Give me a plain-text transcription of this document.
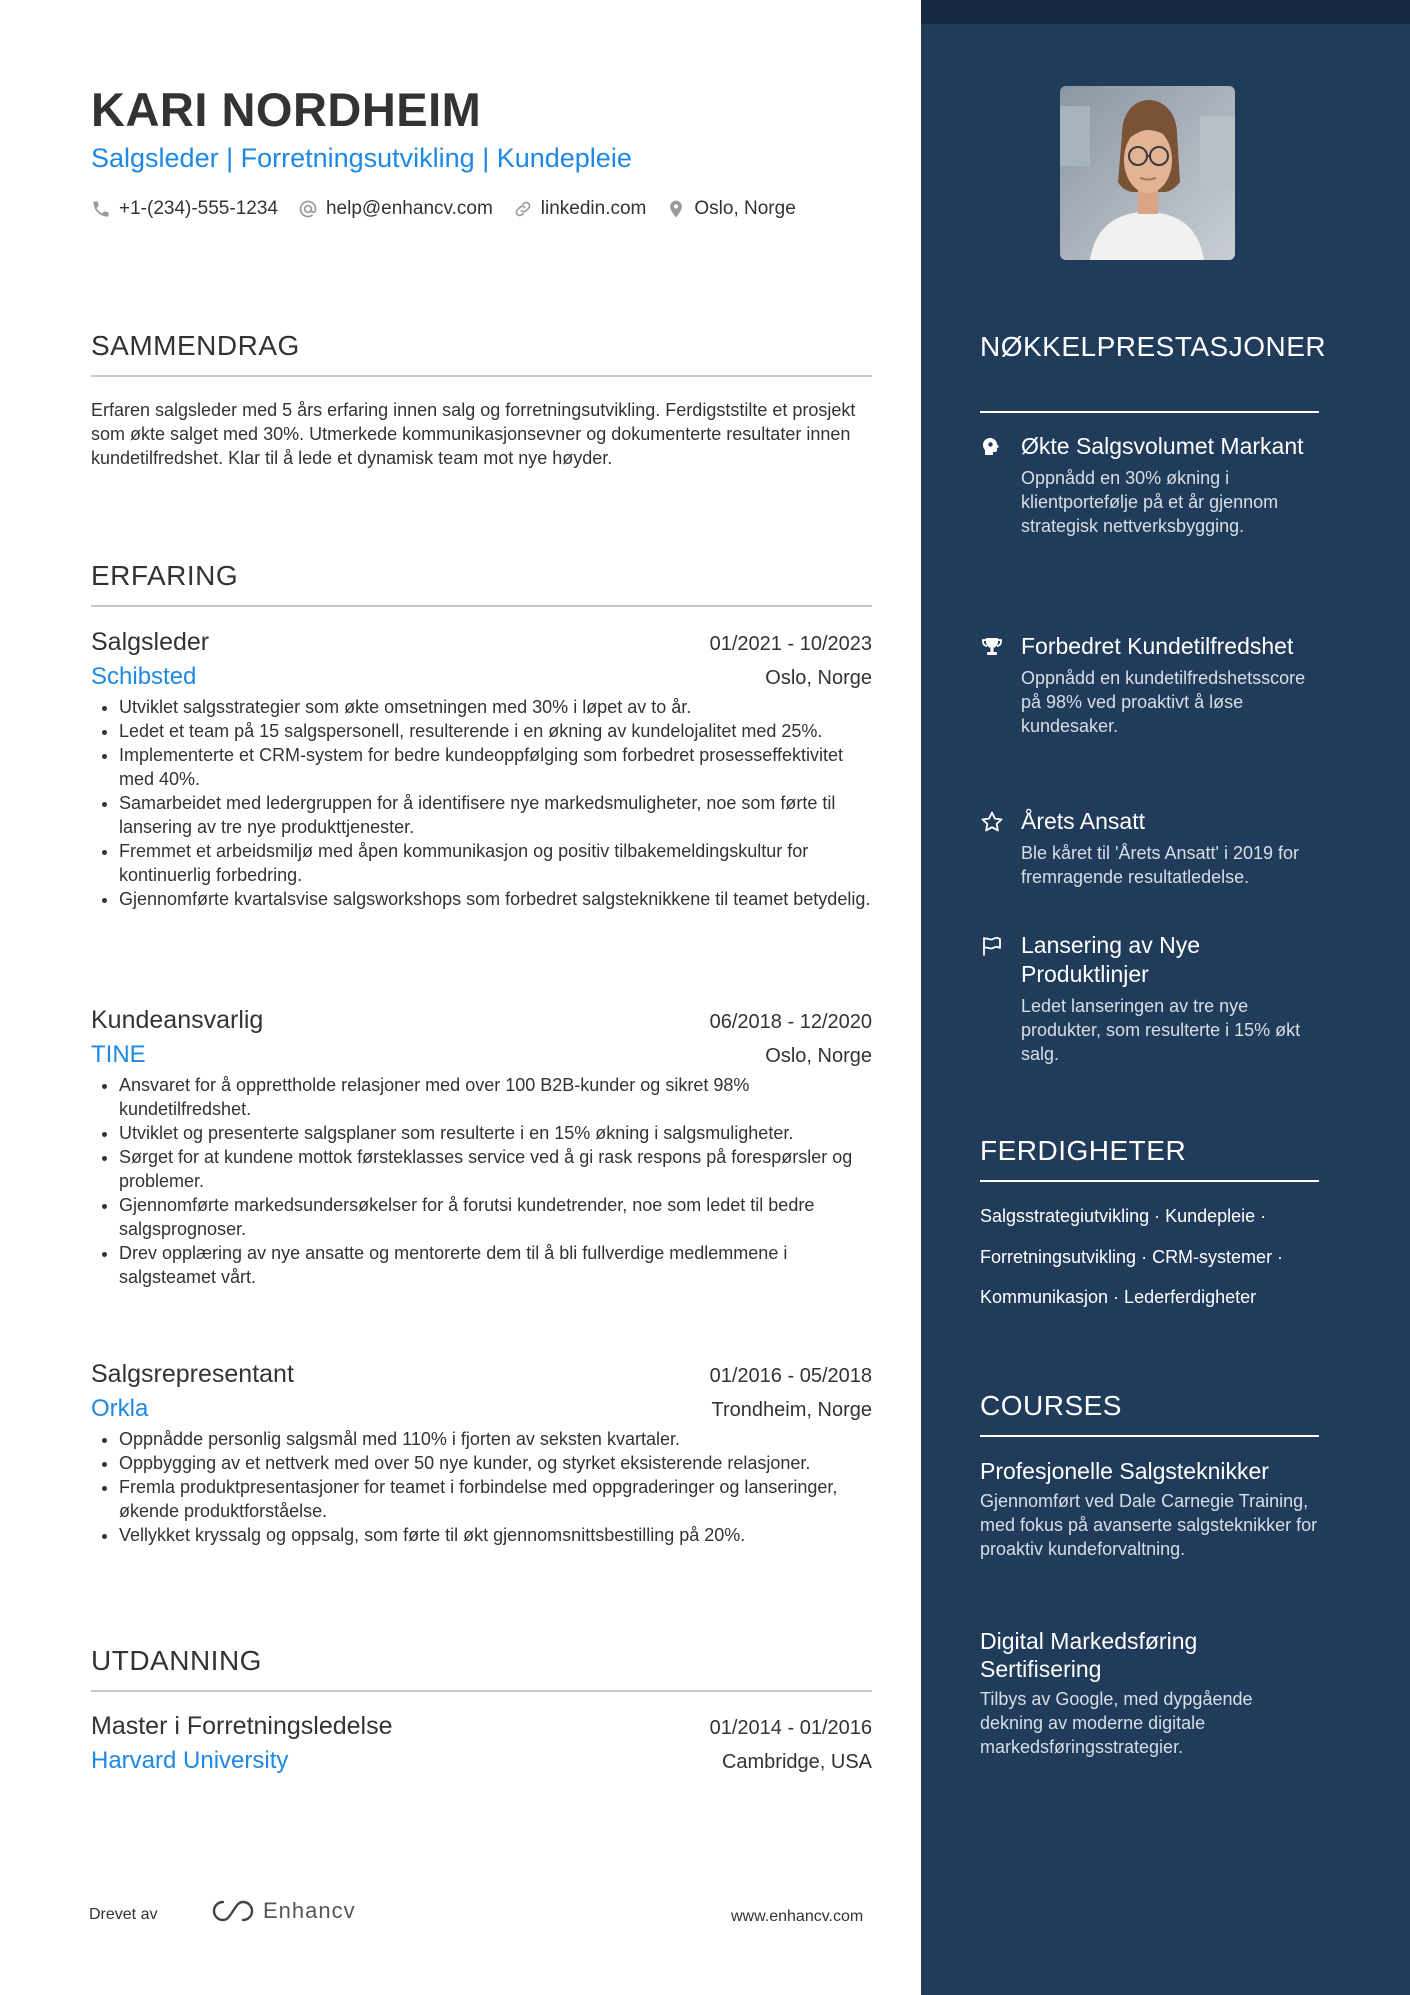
KARI NORDHEIM
Salgsleder | Forretningsutvikling | Kundepleie
+1-(234)-555-1234	help@enhancv.com	linkedin.com	Oslo, Norge
SAMMENDRAG
Erfaren salgsleder med 5 års erfaring innen salg og forretningsutvikling. Ferdigststilte et prosjekt som økte salget med 30%. Utmerkede kommunikasjonsevner og dokumenterte resultater innen kundetilfredshet. Klar til å lede et dynamisk team mot nye høyder.
ERFARING
Salgsleder	01/2021 - 10/2023
Schibsted	Oslo, Norge
• Utviklet salgsstrategier som økte omsetningen med 30% i løpet av to år.
• Ledet et team på 15 salgspersonell, resulterende i en økning av kundelojalitet med 25%.
• Implementerte et CRM-system for bedre kundeoppfølging som forbedret prosesseffektivitet med 40%.
• Samarbeidet med ledergruppen for å identifisere nye markedsmuligheter, noe som førte til lansering av tre nye produkttjenester.
• Fremmet et arbeidsmiljø med åpen kommunikasjon og positiv tilbakemeldingskultur for kontinuerlig forbedring.
• Gjennomførte kvartalsvise salgsworkshops som forbedret salgsteknikkene til teamet betydelig.
Kundeansvarlig	06/2018 - 12/2020
TINE	Oslo, Norge
• Ansvaret for å opprettholde relasjoner med over 100 B2B-kunder og sikret 98% kundetilfredshet.
• Utviklet og presenterte salgsplaner som resulterte i en 15% økning i salgsmuligheter.
• Sørget for at kundene mottok førsteklasses service ved å gi rask respons på forespørsler og problemer.
• Gjennomførte markedsundersøkelser for å forutsi kundetrender, noe som ledet til bedre salgsprognoser.
• Drev opplæring av nye ansatte og mentorerte dem til å bli fullverdige medlemmene i salgsteamet vårt.
Salgsrepresentant	01/2016 - 05/2018
Orkla	Trondheim, Norge
• Oppnådde personlig salgsmål med 110% i fjorten av seksten kvartaler.
• Oppbygging av et nettverk med over 50 nye kunder, og styrket eksisterende relasjoner.
• Fremla produktpresentasjoner for teamet i forbindelse med oppgraderinger og lanseringer, økende produktforståelse.
• Vellykket kryssalg og oppsalg, som førte til økt gjennomsnittsbestilling på 20%.
UTDANNING
Master i Forretningsledelse	01/2014 - 01/2016
Harvard University	Cambridge, USA
Drevet av	Enhancv	www.enhancv.com
NØKKELPRESTASJONER
Økte Salgsvolumet Markant
Oppnådd en 30% økning i klientportefølje på et år gjennom strategisk nettverksbygging.
Forbedret Kundetilfredshet
Oppnådd en kundetilfredshetsscore på 98% ved proaktivt å løse kundesaker.
Årets Ansatt
Ble kåret til 'Årets Ansatt' i 2019 for fremragende resultatledelse.
Lansering av Nye Produktlinjer
Ledet lanseringen av tre nye produkter, som resulterte i 15% økt salg.
FERDIGHETER
Salgsstrategiutvikling · Kundepleie · Forretningsutvikling · CRM-systemer · Kommunikasjon · Lederferdigheter
COURSES
Profesjonelle Salgsteknikker
Gjennomført ved Dale Carnegie Training, med fokus på avanserte salgsteknikker for proaktiv kundeforvaltning.
Digital Markedsføring Sertifisering
Tilbys av Google, med dypgående dekning av moderne digitale markedsføringsstrategier.
